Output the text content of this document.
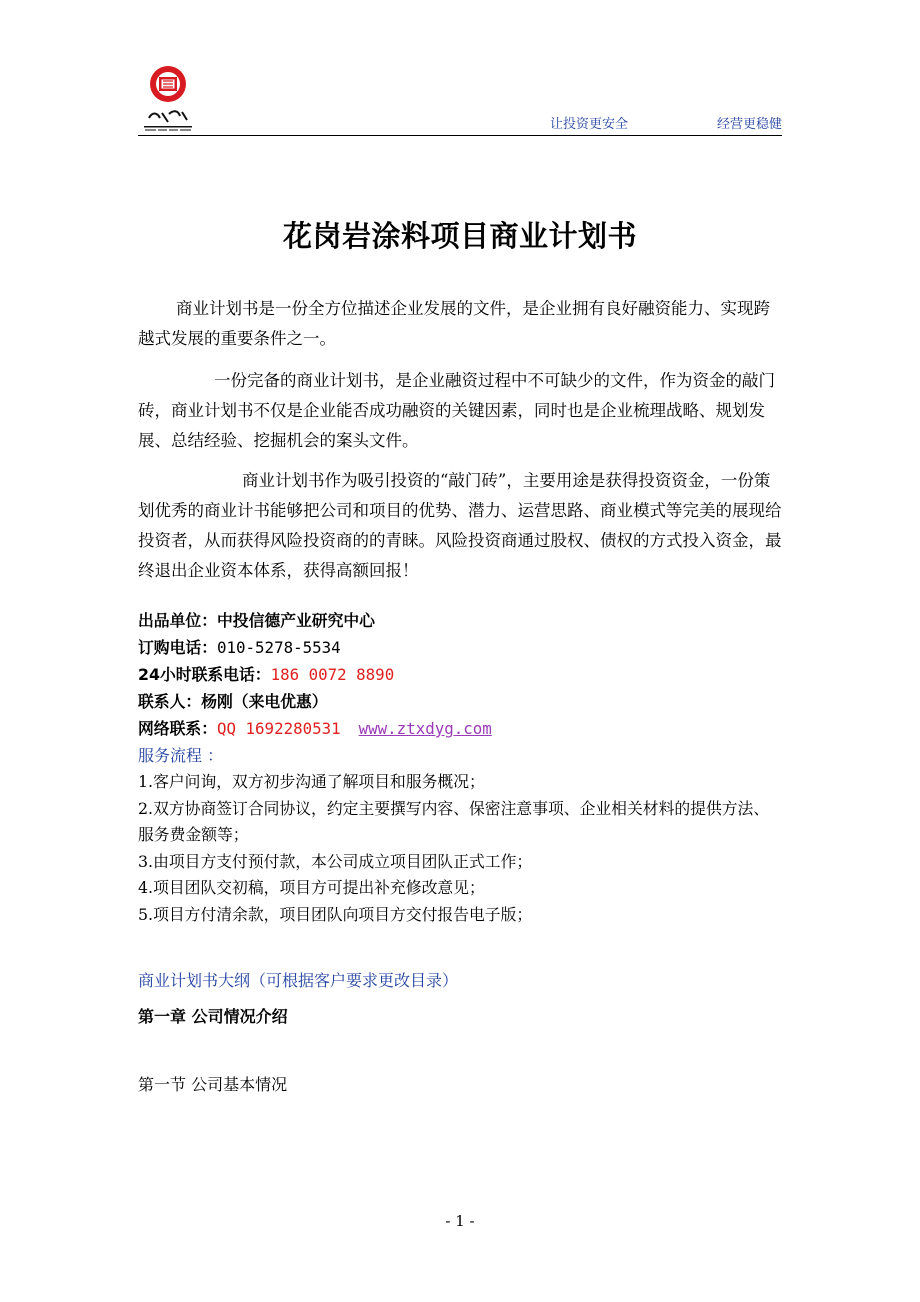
让投资更安全	经营更稳健
花岗岩涂料项目商业计划书

商业计划书是一份全方位描述企业发展的文件，是企业拥有良好融资能力、实现跨越式发展的重要条件之一。

一份完备的商业计划书，是企业融资过程中不可缺少的文件，作为资金的敲门砖，商业计划书不仅是企业能否成功融资的关键因素，同时也是企业梳理战略、规划发展、总结经验、挖掘机会的案头文件。

商业计划书作为吸引投资的“敲门砖”，主要用途是获得投资资金，一份策划优秀的商业计书能够把公司和项目的优势、潜力、运营思路、商业模式等完美的展现给投资者，从而获得风险投资商的的青睐。风险投资商通过股权、债权的方式投入资金，最终退出企业资本体系，获得高额回报！

出品单位：中投信德产业研究中心
订购电话：010-5278-5534
24小时联系电话：186 0072 8890
联系人：杨刚（来电优惠）
网络联系：QQ 1692280531 www.ztxdyg.com
服务流程 ：

1.客户问询，双方初步沟通了解项目和服务概况；

2.双方协商签订合同协议，约定主要撰写内容、保密注意事项、企业相关材料的提供方法、服务费金额等；

3.由项目方支付预付款，本公司成立项目团队正式工作；

4.项目团队交初稿，项目方可提出补充修改意见；

5.项目方付清余款，项目团队向项目方交付报告电子版；

商业计划书大纲（可根据客户要求更改目录）
第一章 公司情况介绍
第一节 公司基本情况
- 1 -
